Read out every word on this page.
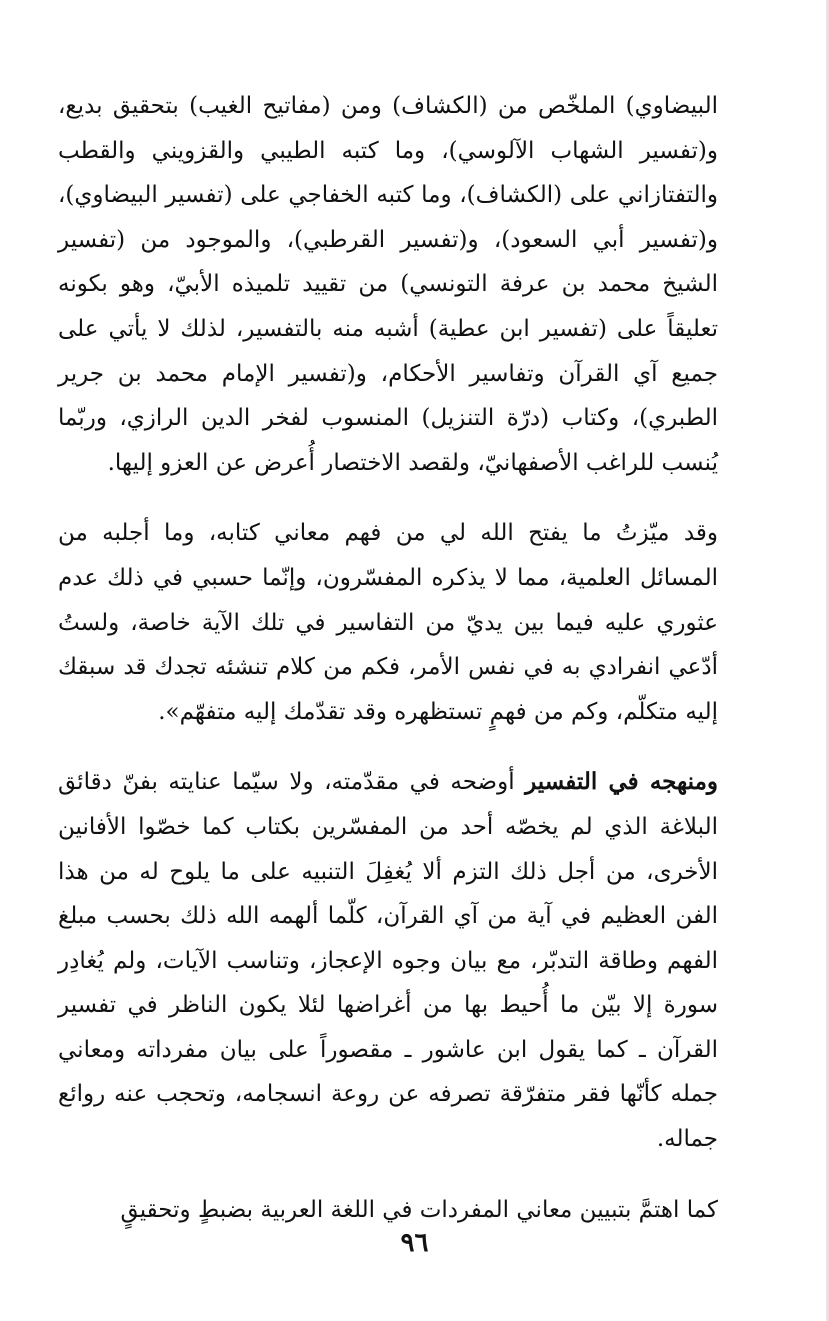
البيضاوي) الملخّص من (الكشاف) ومن (مفاتيح الغيب) بتحقيق بديع، و(تفسير الشهاب الآلوسي)، وما كتبه الطيبي والقزويني والقطب والتفتازاني على (الكشاف)، وما كتبه الخفاجي على (تفسير البيضاوي)، و(تفسير أبي السعود)، و(تفسير القرطبي)، والموجود من (تفسير الشيخ محمد بن عرفة التونسي) من تقييد تلميذه الأبيّ، وهو بكونه تعليقاً على (تفسير ابن عطية) أشبه منه بالتفسير، لذلك لا يأتي على جميع آي القرآن وتفاسير الأحكام، و(تفسير الإمام محمد بن جرير الطبري)، وكتاب (درّة التنزيل) المنسوب لفخر الدين الرازي، وربّما يُنسب للراغب الأصفهانيّ، ولقصد الاختصار أُعرض عن العزو إليها.

وقد ميّزتُ ما يفتح الله لي من فهم معاني كتابه، وما أجلبه من المسائل العلمية، مما لا يذكره المفسّرون، وإنّما حسبي في ذلك عدم عثوري عليه فيما بين يديّ من التفاسير في تلك الآية خاصة، ولستُ أدّعي انفرادي به في نفس الأمر، فكم من كلام تنشئه تجدك قد سبقك إليه متكلّم، وكم من فهمٍ تستظهره وقد تقدّمك إليه متفهّم».

ومنهجه في التفسير أوضحه في مقدّمته، ولا سيّما عنايته بفنّ دقائق البلاغة الذي لم يخصّه أحد من المفسّرين بكتاب كما خصّوا الأفانين الأخرى، من أجل ذلك التزم ألا يُغفِلَ التنبيه على ما يلوح له من هذا الفن العظيم في آية من آي القرآن، كلّما ألهمه الله ذلك بحسب مبلغ الفهم وطاقة التدبّر، مع بيان وجوه الإعجاز، وتناسب الآيات، ولم يُغادِر سورة إلا بيّن ما أُحيط بها من أغراضها لئلا يكون الناظر في تفسير القرآن ـ كما يقول ابن عاشور ـ مقصوراً على بيان مفرداته ومعاني جمله كأنّها فقر متفرّقة تصرفه عن روعة انسجامه، وتحجب عنه روائع جماله.

كما اهتمَّ بتبيين معاني المفردات في اللغة العربية بضبطٍ وتحقيقٍ

٩٦
